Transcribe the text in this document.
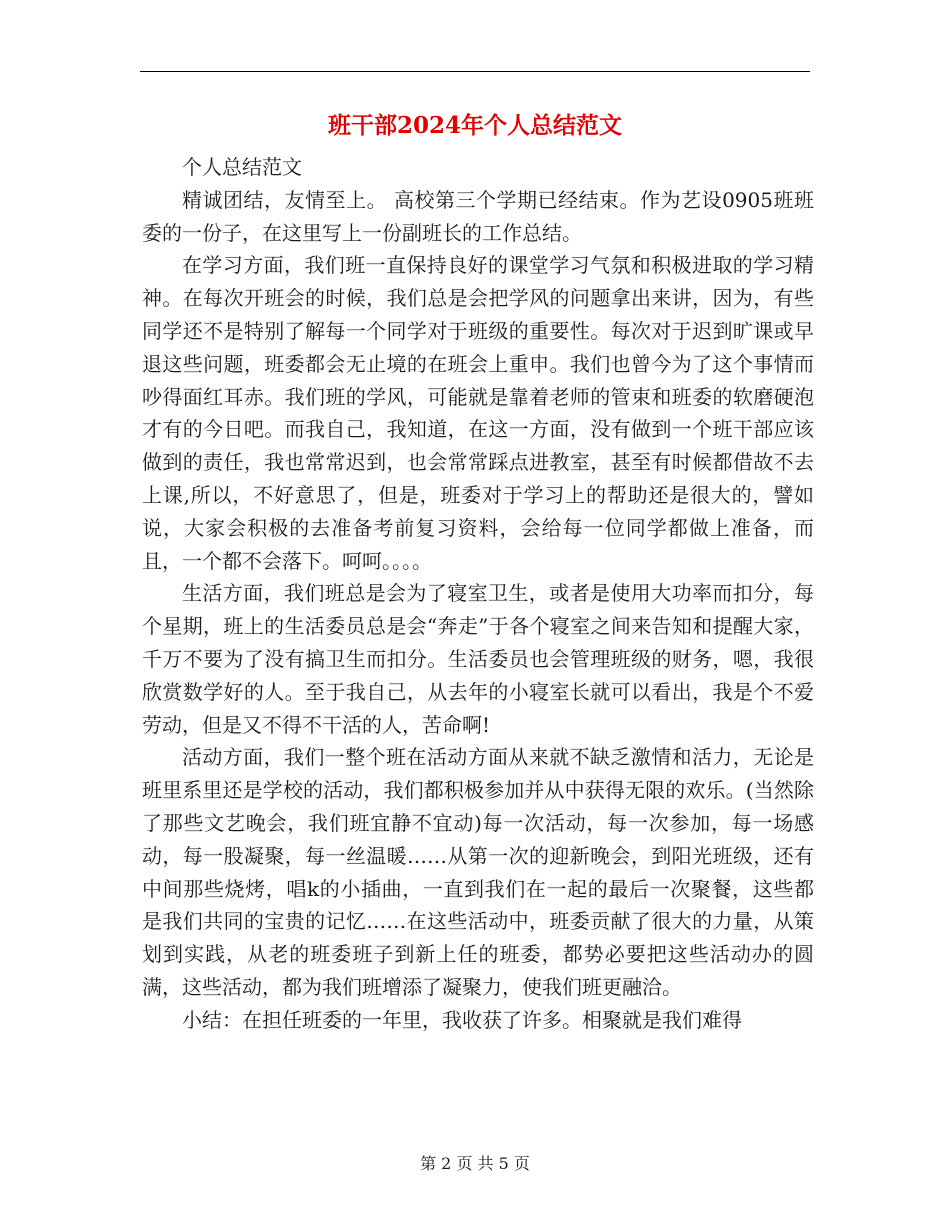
班干部2024年个人总结范文

个人总结范文

精诚团结，友情至上。 高校第三个学期已经结束。作为艺设0905班班委的一份子，在这里写上一份副班长的工作总结。

在学习方面，我们班一直保持良好的课堂学习气氛和积极进取的学习精神。在每次开班会的时候，我们总是会把学风的问题拿出来讲，因为，有些同学还不是特别了解每一个同学对于班级的重要性。每次对于迟到旷课或早退这些问题，班委都会无止境的在班会上重申。我们也曾今为了这个事情而吵得面红耳赤。我们班的学风，可能就是靠着老师的管束和班委的软磨硬泡才有的今日吧。而我自己，我知道，在这一方面，没有做到一个班干部应该做到的责任，我也常常迟到，也会常常踩点进教室，甚至有时候都借故不去上课,所以，不好意思了，但是，班委对于学习上的帮助还是很大的，譬如说，大家会积极的去准备考前复习资料，会给每一位同学都做上准备，而且，一个都不会落下。呵呵。。。。

生活方面，我们班总是会为了寝室卫生，或者是使用大功率而扣分，每个星期，班上的生活委员总是会“奔走”于各个寝室之间来告知和提醒大家，千万不要为了没有搞卫生而扣分。生活委员也会管理班级的财务，嗯，我很欣赏数学好的人。至于我自己，从去年的小寝室长就可以看出，我是个不爱劳动，但是又不得不干活的人，苦命啊!

活动方面，我们一整个班在活动方面从来就不缺乏激情和活力，无论是班里系里还是学校的活动，我们都积极参加并从中获得无限的欢乐。(当然除了那些文艺晚会，我们班宜静不宜动)每一次活动，每一次参加，每一场感动，每一股凝聚，每一丝温暖……从第一次的迎新晚会，到阳光班级，还有中间那些烧烤，唱k的小插曲，一直到我们在一起的最后一次聚餐，这些都是我们共同的宝贵的记忆……在这些活动中，班委贡献了很大的力量，从策划到实践，从老的班委班子到新上任的班委，都势必要把这些活动办的圆满，这些活动，都为我们班增添了凝聚力，使我们班更融洽。

小结：在担任班委的一年里，我收获了许多。相聚就是我们难得

第 2 页 共 5 页
